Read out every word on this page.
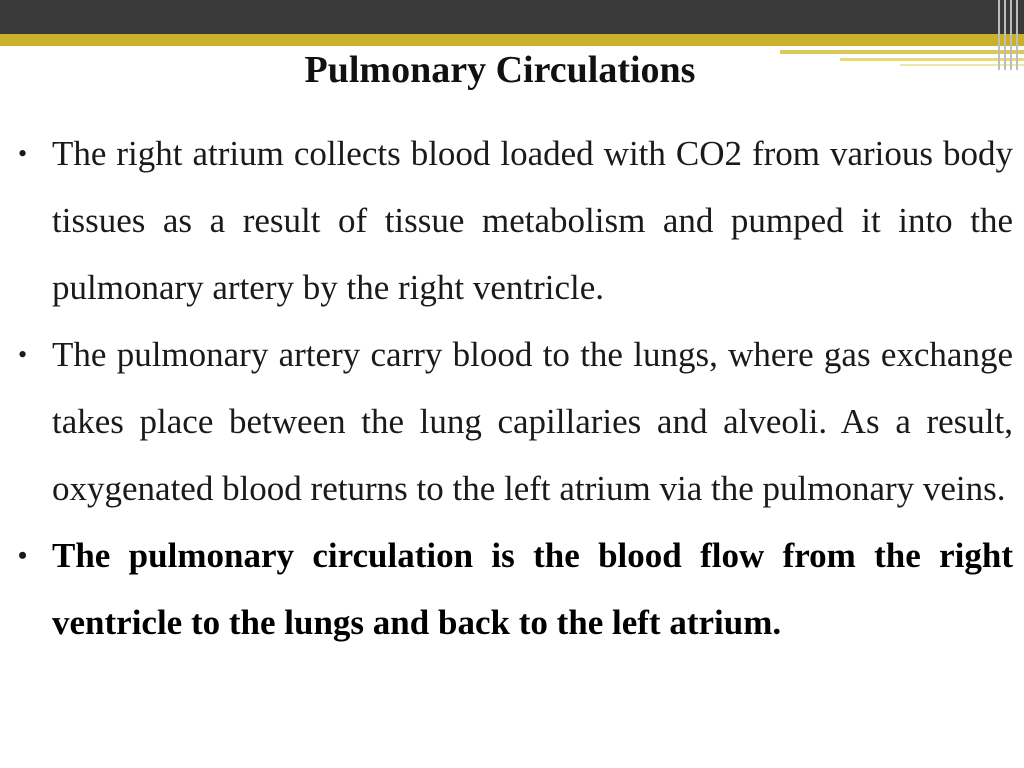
Pulmonary Circulations
• The right atrium collects blood loaded with CO2 from various body tissues as a result of tissue metabolism and pumped it into the pulmonary artery by the right ventricle.
• The pulmonary artery carry blood to the lungs, where gas exchange takes place between the lung capillaries and alveoli. As a result, oxygenated blood returns to the left atrium via the pulmonary veins.
• The pulmonary circulation is the blood flow from the right ventricle to the lungs and back to the left atrium.
